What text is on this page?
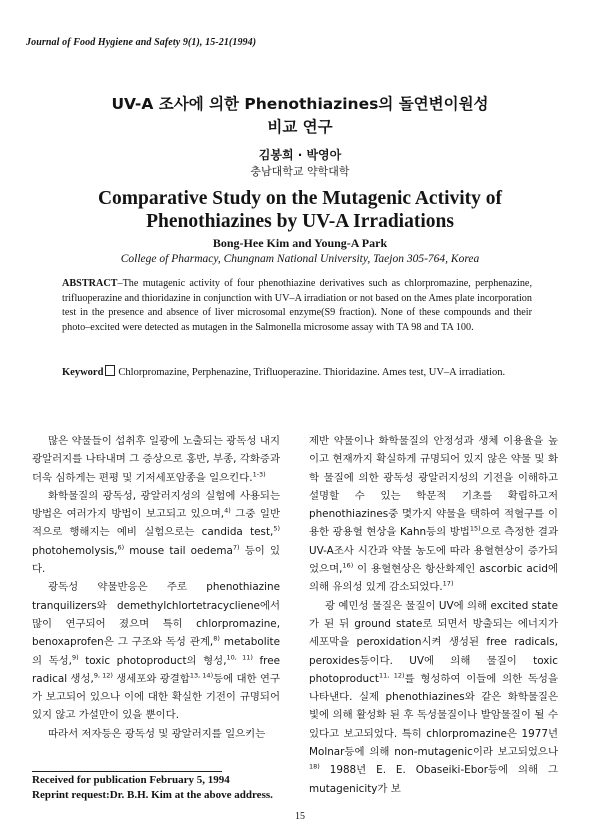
Journal of Food Hygiene and Safety 9(1), 15-21(1994)
UV-A 조사에 의한 Phenothiazines의 돌연변이원성
비교 연구
김봉희 · 박영아
충남대학교 약학대학
Comparative Study on the Mutagenic Activity of
Phenothiazines by UV-A Irradiations
Bong-Hee Kim and Young-A Park
College of Pharmacy, Chungnam National University, Taejon 305-764, Korea
ABSTRACT–The mutagenic activity of four phenothiazine derivatives such as chlorpromazine, perphenazine, trifluoperazine and thioridazine in conjunction with UV–A irradiation or not based on the Ames plate incorporation test in the presence and absence of liver microsomal enzyme(S9 fraction). None of these compounds and their photo–excited were detected as mutagen in the Salmonella microsome assay with TA 98 and TA 100.
Keyword Chlorpromazine, Perphenazine, Trifluoperazine. Thioridazine. Ames test, UV–A irradiation.

많은 약물들이 섭취후 일광에 노출되는 광독성 내지 광알러지를 나타내며 그 증상으로 홍반, 부종, 각화증과 더욱 심하게는 편평 및 기저세포암종을 일으킨다.$^{1-3)}$

화학물질의 광독성, 광알러지성의 실험에 사용되는 방법은 여러가지 방법이 보고되고 있으며,$^{4)}$ 그중 일반적으로 행해지는 예비 실험으로는 candida test,$^{5)}$ photohemolysis,$^{6)}$ mouse tail oedema$^{7)}$ 등이 있다.

광독성 약물반응은 주로 phenothiazine tranquilizers와 demethylchlortetracycliene에서 많이 연구되어 졌으며 특히 chlorpromazine, benoxaprofen은 그 구조와 독성 관계,$^{8)}$ metabolite의 독성,$^{9)}$ toxic photoproduct의 형성,$^{10, 11)}$ free radical 생성,$^{9, 12)}$ 생세포와 광결합$^{13, 14)}$등에 대한 연구가 보고되어 있으나 이에 대한 확실한 기전이 규명되어 있지 않고 가설만이 있을 뿐이다.

따라서 저자등은 광독성 및 광알러지를 일으키는

제반 약물이나 화학물질의 안정성과 생체 이용율을 높이고 현재까지 확실하게 규명되어 있지 않은 약물 및 화학 물질에 의한 광독성 광알러지성의 기전을 이해하고 설명할 수 있는 학문적 기초를 확립하고저 phenothiazines중 몇가지 약물을 택하여 적혈구를 이용한 광용혈 현상을 Kahn등의 방법$^{15)}$으로 측정한 결과 UV-A조사 시간과 약물 농도에 따라 용혈현상이 증가되었으며,$^{16)}$ 이 용혈현상은 항산화제인 ascorbic acid에 의해 유의성 있게 감소되었다.$^{17)}$

광 예민성 물질은 물질이 UV에 의해 excited state가 된 뒤 ground state로 되면서 방출되는 에너지가 세포막을 peroxidation시켜 생성된 free radicals, peroxides등이다. UV에 의해 물질이 toxic photoproduct$^{11, 12)}$를 형성하여 이들에 의한 독성을 나타낸다. 실제 phenothiazines와 같은 화학물질은 빛에 의해 활성화 된 후 독성물질이나 발암물질이 될 수 있다고 보고되었다. 특히 chlorpromazine은 1977년 Molnar등에 의해 non-mutagenic이라 보고되었으나$^{18)}$ 1988년 E. E. Obaseiki-Ebor등에 의해 그 mutagenicity가 보

Received for publication February 5, 1994
Reprint request:Dr. B.H. Kim at the above address.
15
